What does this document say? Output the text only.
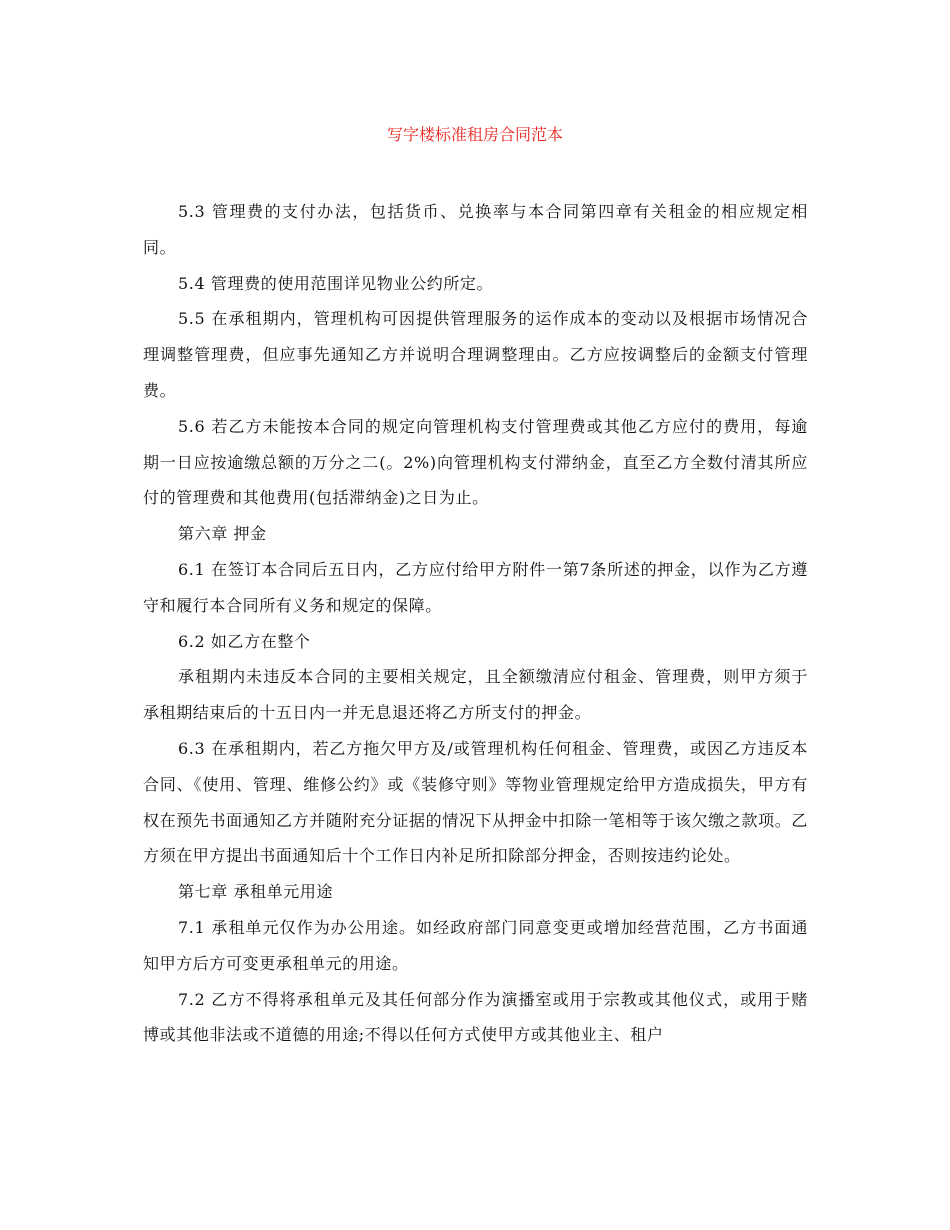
写字楼标准租房合同范本

5.3 管理费的支付办法，包括货币、兑换率与本合同第四章有关租金的相应规定相同。

5.4 管理费的使用范围详见物业公约所定。

5.5 在承租期内，管理机构可因提供管理服务的运作成本的变动以及根据市场情况合理调整管理费，但应事先通知乙方并说明合理调整理由。乙方应按调整后的金额支付管理费。

5.6 若乙方未能按本合同的规定向管理机构支付管理费或其他乙方应付的费用，每逾期一日应按逾缴总额的万分之二(。2%)向管理机构支付滞纳金，直至乙方全数付清其所应付的管理费和其他费用(包括滞纳金)之日为止。

第六章 押金

6.1 在签订本合同后五日内，乙方应付给甲方附件一第7条所述的押金，以作为乙方遵守和履行本合同所有义务和规定的保障。

6.2 如乙方在整个

承租期内未违反本合同的主要相关规定，且全额缴清应付租金、管理费，则甲方须于承租期结束后的十五日内一并无息退还将乙方所支付的押金。

6.3 在承租期内，若乙方拖欠甲方及/或管理机构任何租金、管理费，或因乙方违反本合同、《使用、管理、维修公约》或《装修守则》等物业管理规定给甲方造成损失，甲方有权在预先书面通知乙方并随附充分证据的情况下从押金中扣除一笔相等于该欠缴之款项。乙方须在甲方提出书面通知后十个工作日内补足所扣除部分押金，否则按违约论处。

第七章 承租单元用途

7.1 承租单元仅作为办公用途。如经政府部门同意变更或增加经营范围，乙方书面通知甲方后方可变更承租单元的用途。

7.2 乙方不得将承租单元及其任何部分作为演播室或用于宗教或其他仪式，或用于赌博或其他非法或不道德的用途;不得以任何方式使甲方或其他业主、租户
